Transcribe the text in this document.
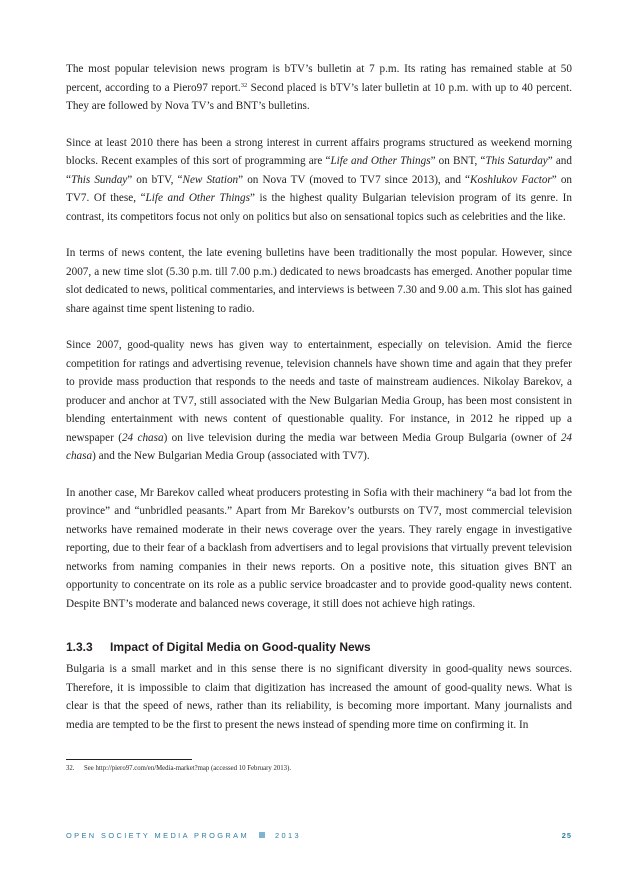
The most popular television news program is bTV’s bulletin at 7 p.m. Its rating has remained stable at 50 percent, according to a Piero97 report.$^{32}$ Second placed is bTV’s later bulletin at 10 p.m. with up to 40 percent. They are followed by Nova TV’s and BNT’s bulletins.

Since at least 2010 there has been a strong interest in current affairs programs structured as weekend morning blocks. Recent examples of this sort of programming are “Life and Other Things” on BNT, “This Saturday” and “This Sunday” on bTV, “New Station” on Nova TV (moved to TV7 since 2013), and “Koshlukov Factor” on TV7. Of these, “Life and Other Things” is the highest quality Bulgarian television program of its genre. In contrast, its competitors focus not only on politics but also on sensational topics such as celebrities and the like.

In terms of news content, the late evening bulletins have been traditionally the most popular. However, since 2007, a new time slot (5.30 p.m. till 7.00 p.m.) dedicated to news broadcasts has emerged. Another popular time slot dedicated to news, political commentaries, and interviews is between 7.30 and 9.00 a.m. This slot has gained share against time spent listening to radio.

Since 2007, good-quality news has given way to entertainment, especially on television. Amid the fierce competition for ratings and advertising revenue, television channels have shown time and again that they prefer to provide mass production that responds to the needs and taste of mainstream audiences. Nikolay Barekov, a producer and anchor at TV7, still associated with the New Bulgarian Media Group, has been most consistent in blending entertainment with news content of questionable quality. For instance, in 2012 he ripped up a newspaper (24 chasa) on live television during the media war between Media Group Bulgaria (owner of 24 chasa) and the New Bulgarian Media Group (associated with TV7).

In another case, Mr Barekov called wheat producers protesting in Sofia with their machinery “a bad lot from the province” and “unbridled peasants.” Apart from Mr Barekov’s outbursts on TV7, most commercial television networks have remained moderate in their news coverage over the years. They rarely engage in investigative reporting, due to their fear of a backlash from advertisers and to legal provisions that virtually prevent television networks from naming companies in their news reports. On a positive note, this situation gives BNT an opportunity to concentrate on its role as a public service broadcaster and to provide good-quality news content. Despite BNT’s moderate and balanced news coverage, it still does not achieve high ratings.

1.3.3 Impact of Digital Media on Good-quality News

Bulgaria is a small market and in this sense there is no significant diversity in good-quality news sources. Therefore, it is impossible to claim that digitization has increased the amount of good-quality news. What is clear is that the speed of news, rather than its reliability, is becoming more important. Many journalists and media are tempted to be the first to present the news instead of spending more time on confirming it. In

32. See http://piero97.com/en/Media-market?map (accessed 10 February 2013).
OPEN SOCIETY MEDIA PROGRAM	2013	25
